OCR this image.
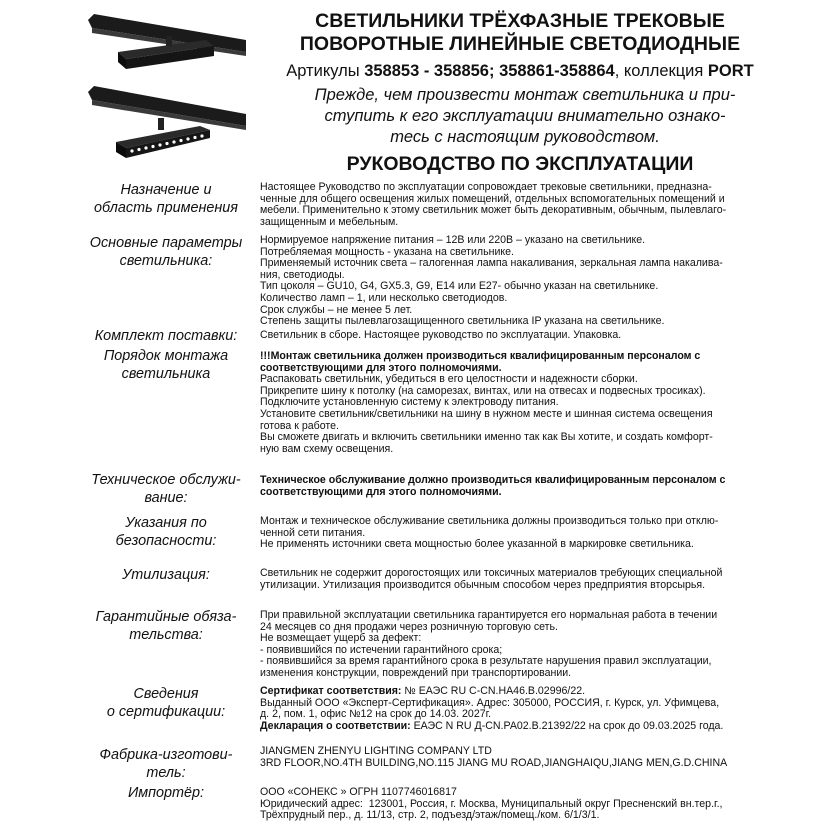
СВЕТИЛЬНИКИ ТРЁХФАЗНЫЕ ТРЕКОВЫЕ
ПОВОРОТНЫЕ ЛИНЕЙНЫЕ СВЕТОДИОДНЫЕ
Артикулы 358853 - 358856; 358861-358864, коллекция PORT
Прежде, чем произвести монтаж светильника и при-
ступить к его эксплуатации внимательно ознако-
тесь с настоящим руководством.
РУКОВОДСТВО ПО ЭКСПЛУАТАЦИИ
Назначение и
область применения
Настоящее Руководство по эксплуатации сопровождает трековые светильники, предназна-
ченные для общего освещения жилых помещений, отдельных вспомогательных помещений и
мебели. Применительно к этому светильник может быть декоративным, обычным, пылевлаго-
защищенным и мебельным.
Основные параметры
светильника:
Нормируемое напряжение питания – 12В или 220В – указано на светильнике.
Потребляемая мощность - указана на светильнике.
Применяемый источник света – галогенная лампа накаливания, зеркальная лампа накалива-
ния, светодиоды.
Тип цоколя – GU10, G4, GX5.3, G9, E14 или E27- обычно указан на светильнике.
Количество ламп – 1, или несколько светодиодов.
Срок службы – не менее 5 лет.
Степень защиты пылевлагозащищенного светильника IP указана на светильнике.
Комплект поставки:	Светильник в сборе. Настоящее руководство по эксплуатации. Упаковка.
Порядок монтажа
светильника
!!!Монтаж светильника должен производиться квалифицированным персоналом с
соответствующими для этого полномочиями.
Распаковать светильник, убедиться в его целостности и надежности сборки.
Прикрепите шину к потолку (на саморезах, винтах, или на отвесах и подвесных тросиках).
Подключите установленную систему к электроводу питания.
Установите светильник/светильники на шину в нужном месте и шинная система освещения
готова к работе.
Вы сможете двигать и включить светильники именно так как Вы хотите, и создать комфорт-
ную вам схему освещения.
Техническое обслужи-
вание:
Техническое обслуживание должно производиться квалифицированным персоналом с
соответствующими для этого полномочиями.
Указания по
безопасности:
Монтаж и техническое обслуживание светильника должны производиться только при отклю-
ченной сети питания.
Не применять источники света мощностью более указанной в маркировке светильника.
Утилизация:	Светильник не содержит дорогостоящих или токсичных материалов требующих специальной
утилизации. Утилизация производится обычным способом через предприятия вторсырья.
Гарантийные обяза-
тельства:
При правильной эксплуатации светильника гарантируется его нормальная работа в течении
24 месяцев со дня продажи через розничную торговую сеть.
Не возмещает ущерб за дефект:
- появившийся по истечении гарантийного срока;
- появившийся за время гарантийного срока в результате нарушения правил эксплуатации,
изменения конструкции, повреждений при транспортировании.
Сведения
о сертификации:
Сертификат соответствия: № ЕАЭС RU C-CN.НА46.В.02996/22.
Выданный ООО «Эксперт-Сертификация». Адрес: 305000, РОССИЯ, г. Курск, ул. Уфимцева,
д. 2, пом. 1, офис №12 на срок до 14.03. 2027г.
Декларация о соответствии: ЕАЭС N RU Д-CN.РА02.В.21392/22 на срок до 09.03.2025 года.
Фабрика-изготови-
тель:
JIANGMEN ZHENYU LIGHTING COMPANY LTD
3RD FLOOR,NO.4TH BUILDING,NO.115 JIANG MU ROAD,JIANGHAIQU,JIANG MEN,G.D.CHINA
Импортёр:	ООО «СОНЕКС » ОГРН 1107746016817
Юридический адрес:  123001, Россия, г. Москва, Муниципальный округ Пресненский вн.тер.г.,
Трёхпрудный пер., д. 11/13, стр. 2, подъезд/этаж/помещ./ком. 6/1/3/1.
